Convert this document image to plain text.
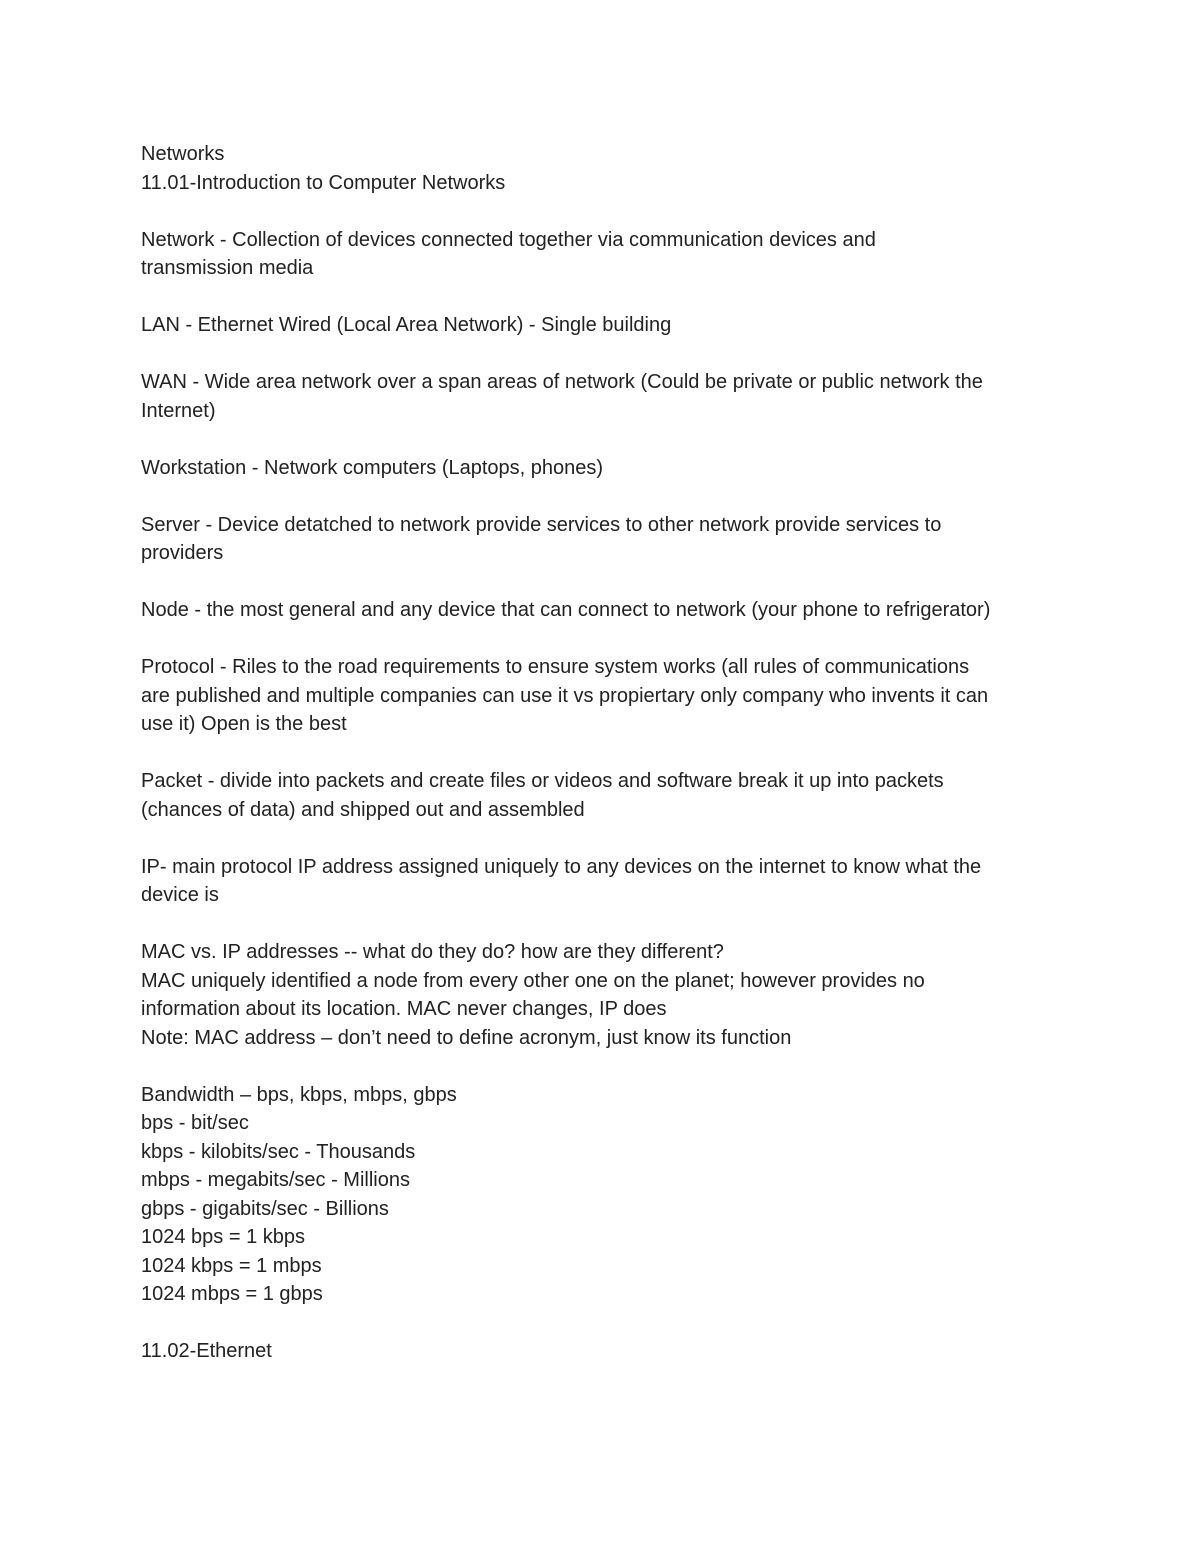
Networks
11.01-Introduction to Computer Networks
Network - Collection of devices connected together via communication devices and
transmission media
LAN - Ethernet Wired (Local Area Network) - Single building
WAN - Wide area network over a span areas of network (Could be private or public network the
Internet)
Workstation - Network computers (Laptops, phones)
Server - Device detatched to network provide services to other network provide services to
providers
Node - the most general and any device that can connect to network (your phone to refrigerator)
Protocol - Riles to the road requirements to ensure system works (all rules of communications
are published and multiple companies can use it vs propiertary only company who invents it can
use it) Open is the best
Packet - divide into packets and create files or videos and software break it up into packets
(chances of data) and shipped out and assembled
IP- main protocol IP address assigned uniquely to any devices on the internet to know what the
device is
MAC vs. IP addresses -- what do they do? how are they different?
MAC uniquely identified a node from every other one on the planet; however provides no
information about its location. MAC never changes, IP does
Note: MAC address – don’t need to define acronym, just know its function
Bandwidth – bps, kbps, mbps, gbps
bps - bit/sec
kbps - kilobits/sec - Thousands
mbps - megabits/sec - Millions
gbps - gigabits/sec - Billions
1024 bps = 1 kbps
1024 kbps = 1 mbps
1024 mbps = 1 gbps
11.02-Ethernet
